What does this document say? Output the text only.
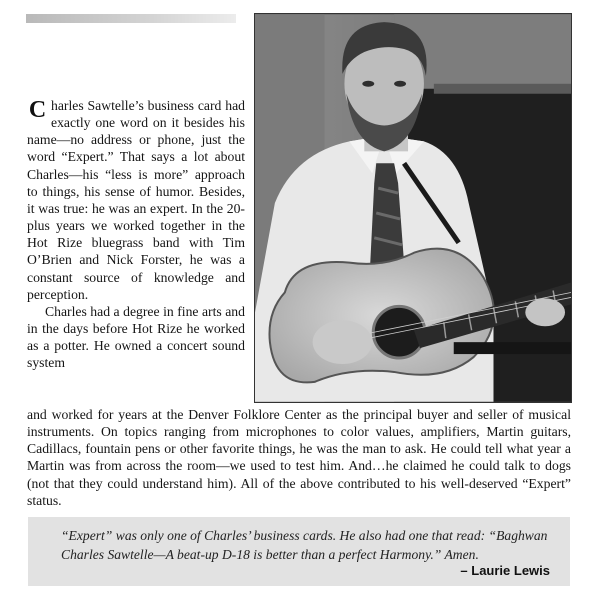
C harles Sawtelle’s business card had exactly one word on it besides his name—no address or phone, just the word “Expert.” That says a lot about Charles—his “less is more” approach to things, his sense of humor. Besides, it was true: he was an expert. In the 20-plus years we worked together in the Hot Rize bluegrass band with Tim O’Brien and Nick Forster, he was a constant source of knowledge and perception.

Charles had a degree in fine arts and in the days before Hot Rize he worked as a potter. He owned a concert sound system

and worked for years at the Denver Folklore Center as the principal buyer and seller of musical instruments. On topics ranging from microphones to color values, amplifiers, Martin guitars, Cadillacs, fountain pens or other favorite things, he was the man to ask. He could tell what year a Martin was from across the room—we used to test him. And…he claimed he could talk to dogs (not that they could understand him). All of the above contributed to his well-deserved “Expert” status.

“Expert” was only one of Charles’ business cards. He also had one that read: “Baghwan Charles Sawtelle—A beat-up D-18 is better than a perfect Harmony.” Amen.

– Laurie Lewis
